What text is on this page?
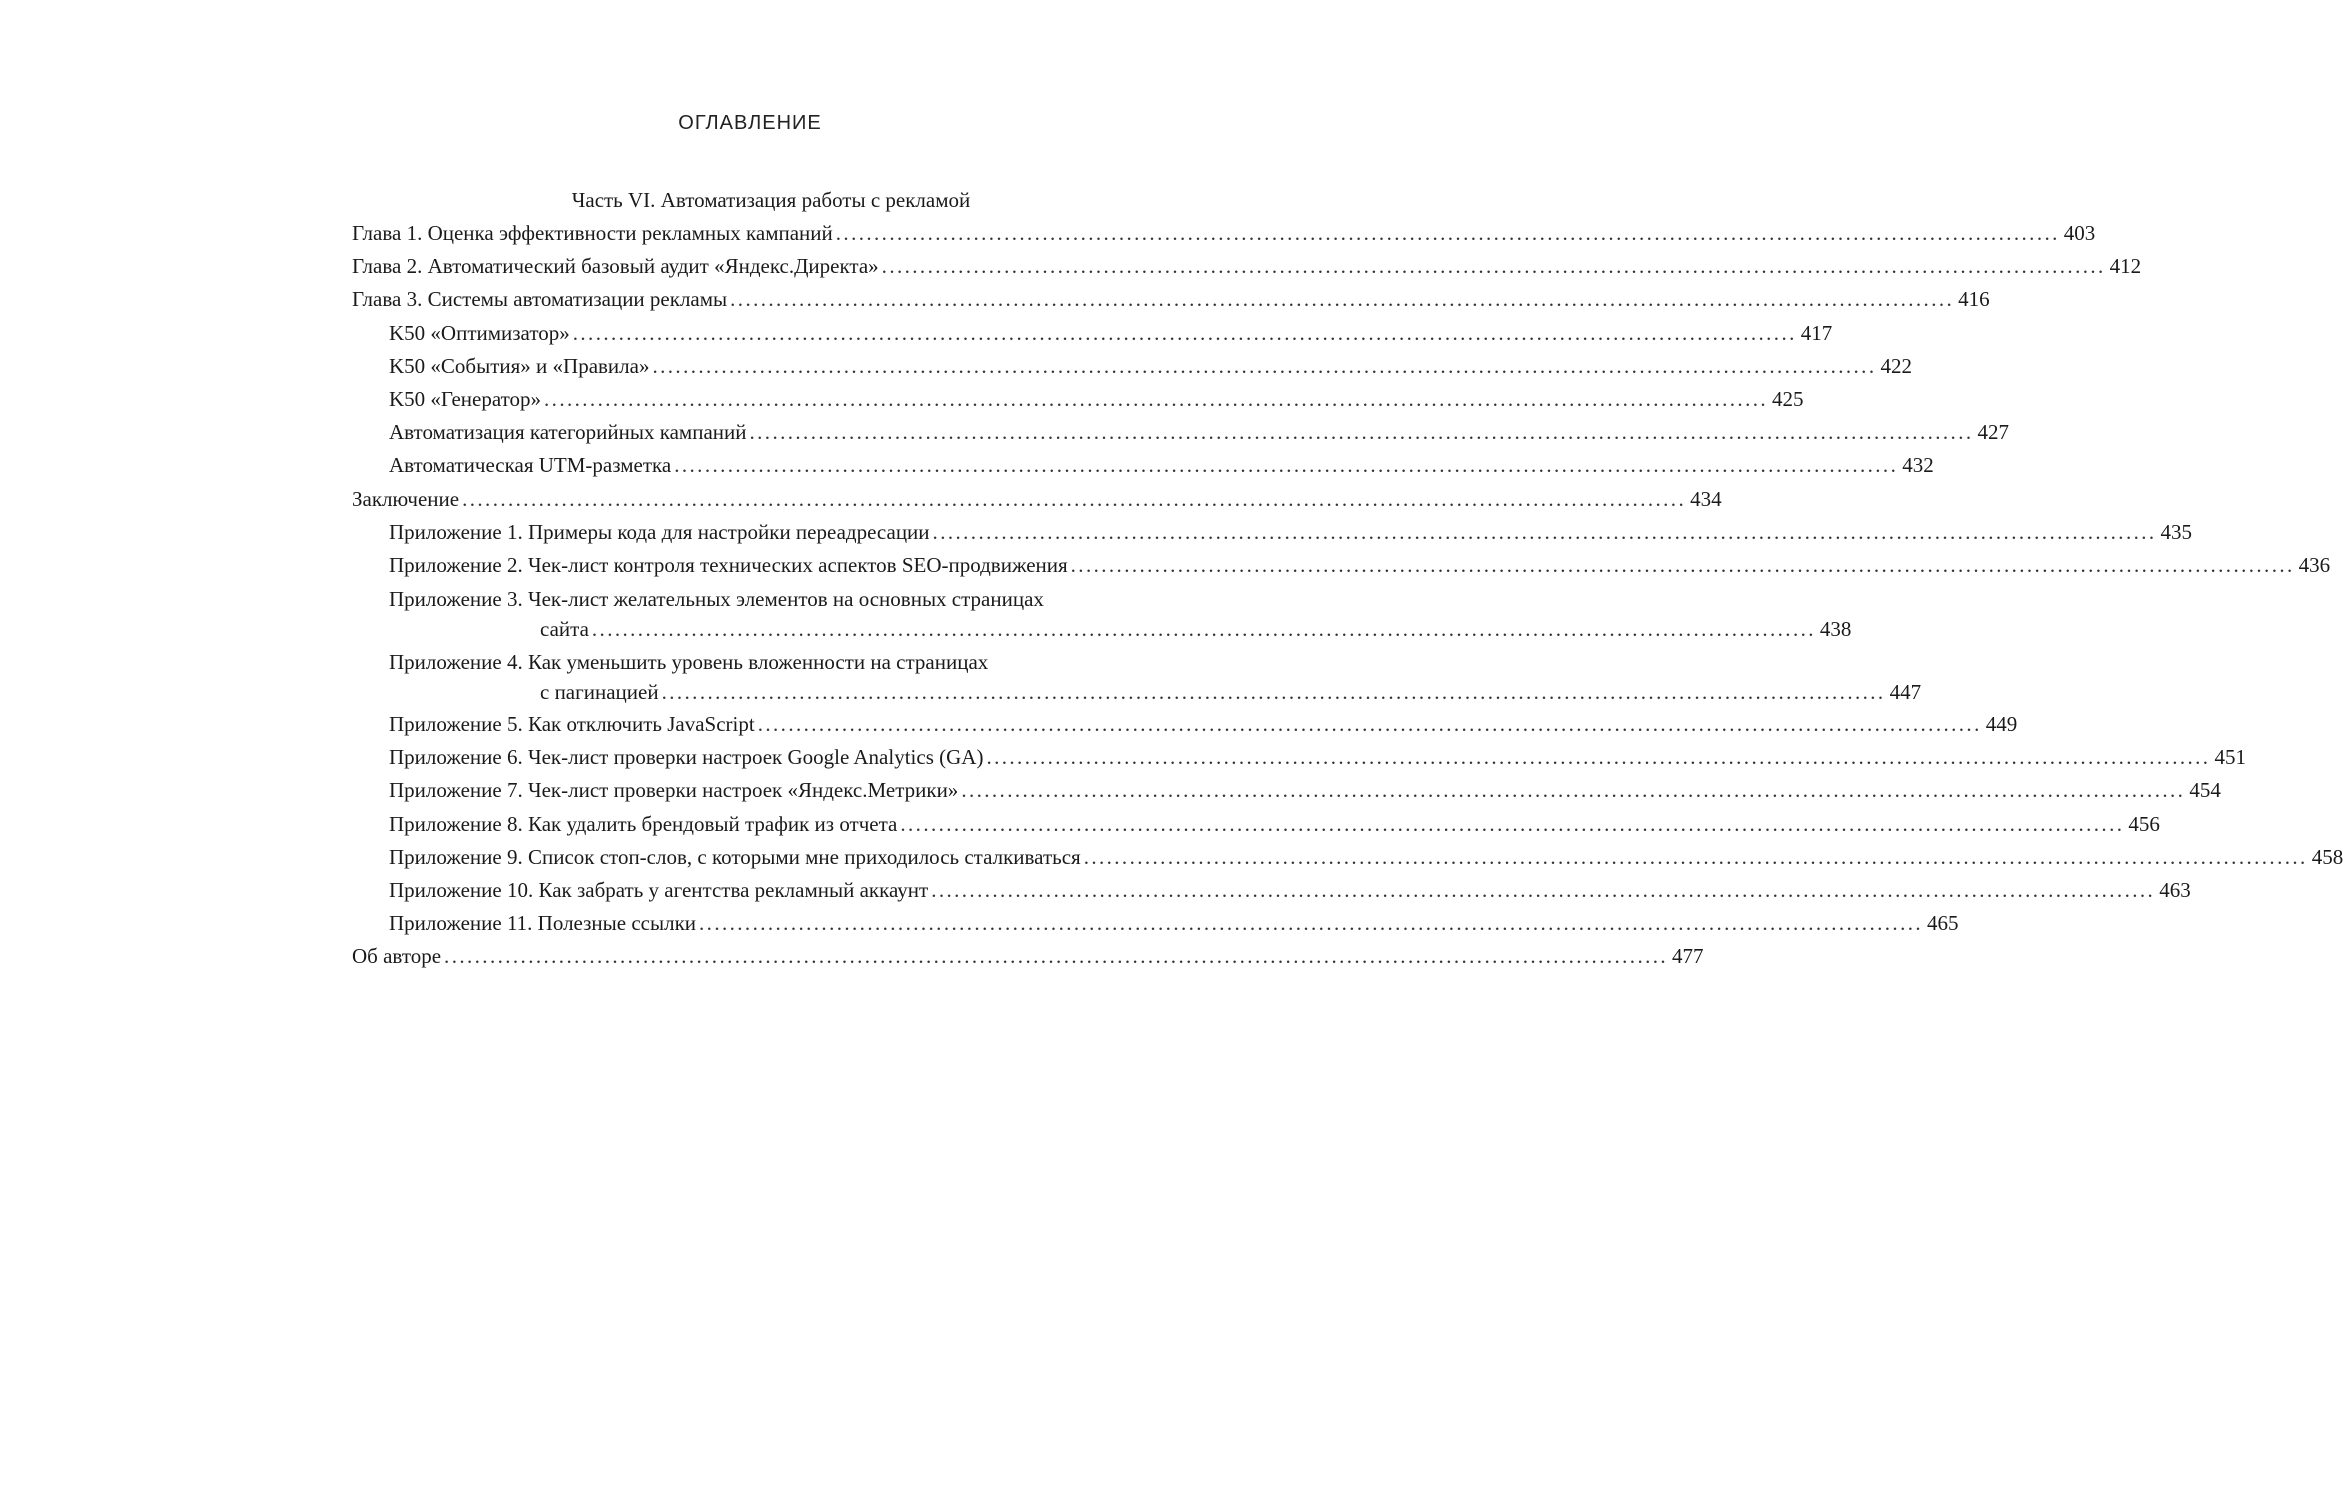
ОГЛАВЛЕНИЕ
Часть VI. Автоматизация работы с рекламой
Глава 1. Оценка эффективности рекламных кампаний ................................................................................................................................................................ 403
Глава 2. Автоматический базовый аудит «Яндекс.Директа» ................................................................................................................................................................ 412
Глава 3. Системы автоматизации рекламы ................................................................................................................................................................ 416
K50 «Оптимизатор» ................................................................................................................................................................ 417
K50 «События» и «Правила» ................................................................................................................................................................ 422
K50 «Генератор» ................................................................................................................................................................ 425
Автоматизация категорийных кампаний ................................................................................................................................................................ 427
Автоматическая UTM-разметка ................................................................................................................................................................ 432
Заключение ................................................................................................................................................................ 434
Приложение 1. Примеры кода для настройки переадресации ................................................................................................................................................................ 435
Приложение 2. Чек-лист контроля технических аспектов SEO-продвижения ................................................................................................................................................................ 436
Приложение 3. Чек-лист желательных элементов на основных страницах
сайта ................................................................................................................................................................ 438
Приложение 4. Как уменьшить уровень вложенности на страницах
с пагинацией ................................................................................................................................................................ 447
Приложение 5. Как отключить JavaScript ................................................................................................................................................................ 449
Приложение 6. Чек-лист проверки настроек Google Analytics (GA) ................................................................................................................................................................ 451
Приложение 7. Чек-лист проверки настроек «Яндекс.Метрики» ................................................................................................................................................................ 454
Приложение 8. Как удалить брендовый трафик из отчета ................................................................................................................................................................ 456
Приложение 9. Список стоп-слов, с которыми мне приходилось сталкиваться ................................................................................................................................................................ 458
Приложение 10. Как забрать у агентства рекламный аккаунт ................................................................................................................................................................ 463
Приложение 11. Полезные ссылки ................................................................................................................................................................ 465
Об авторе ................................................................................................................................................................ 477
